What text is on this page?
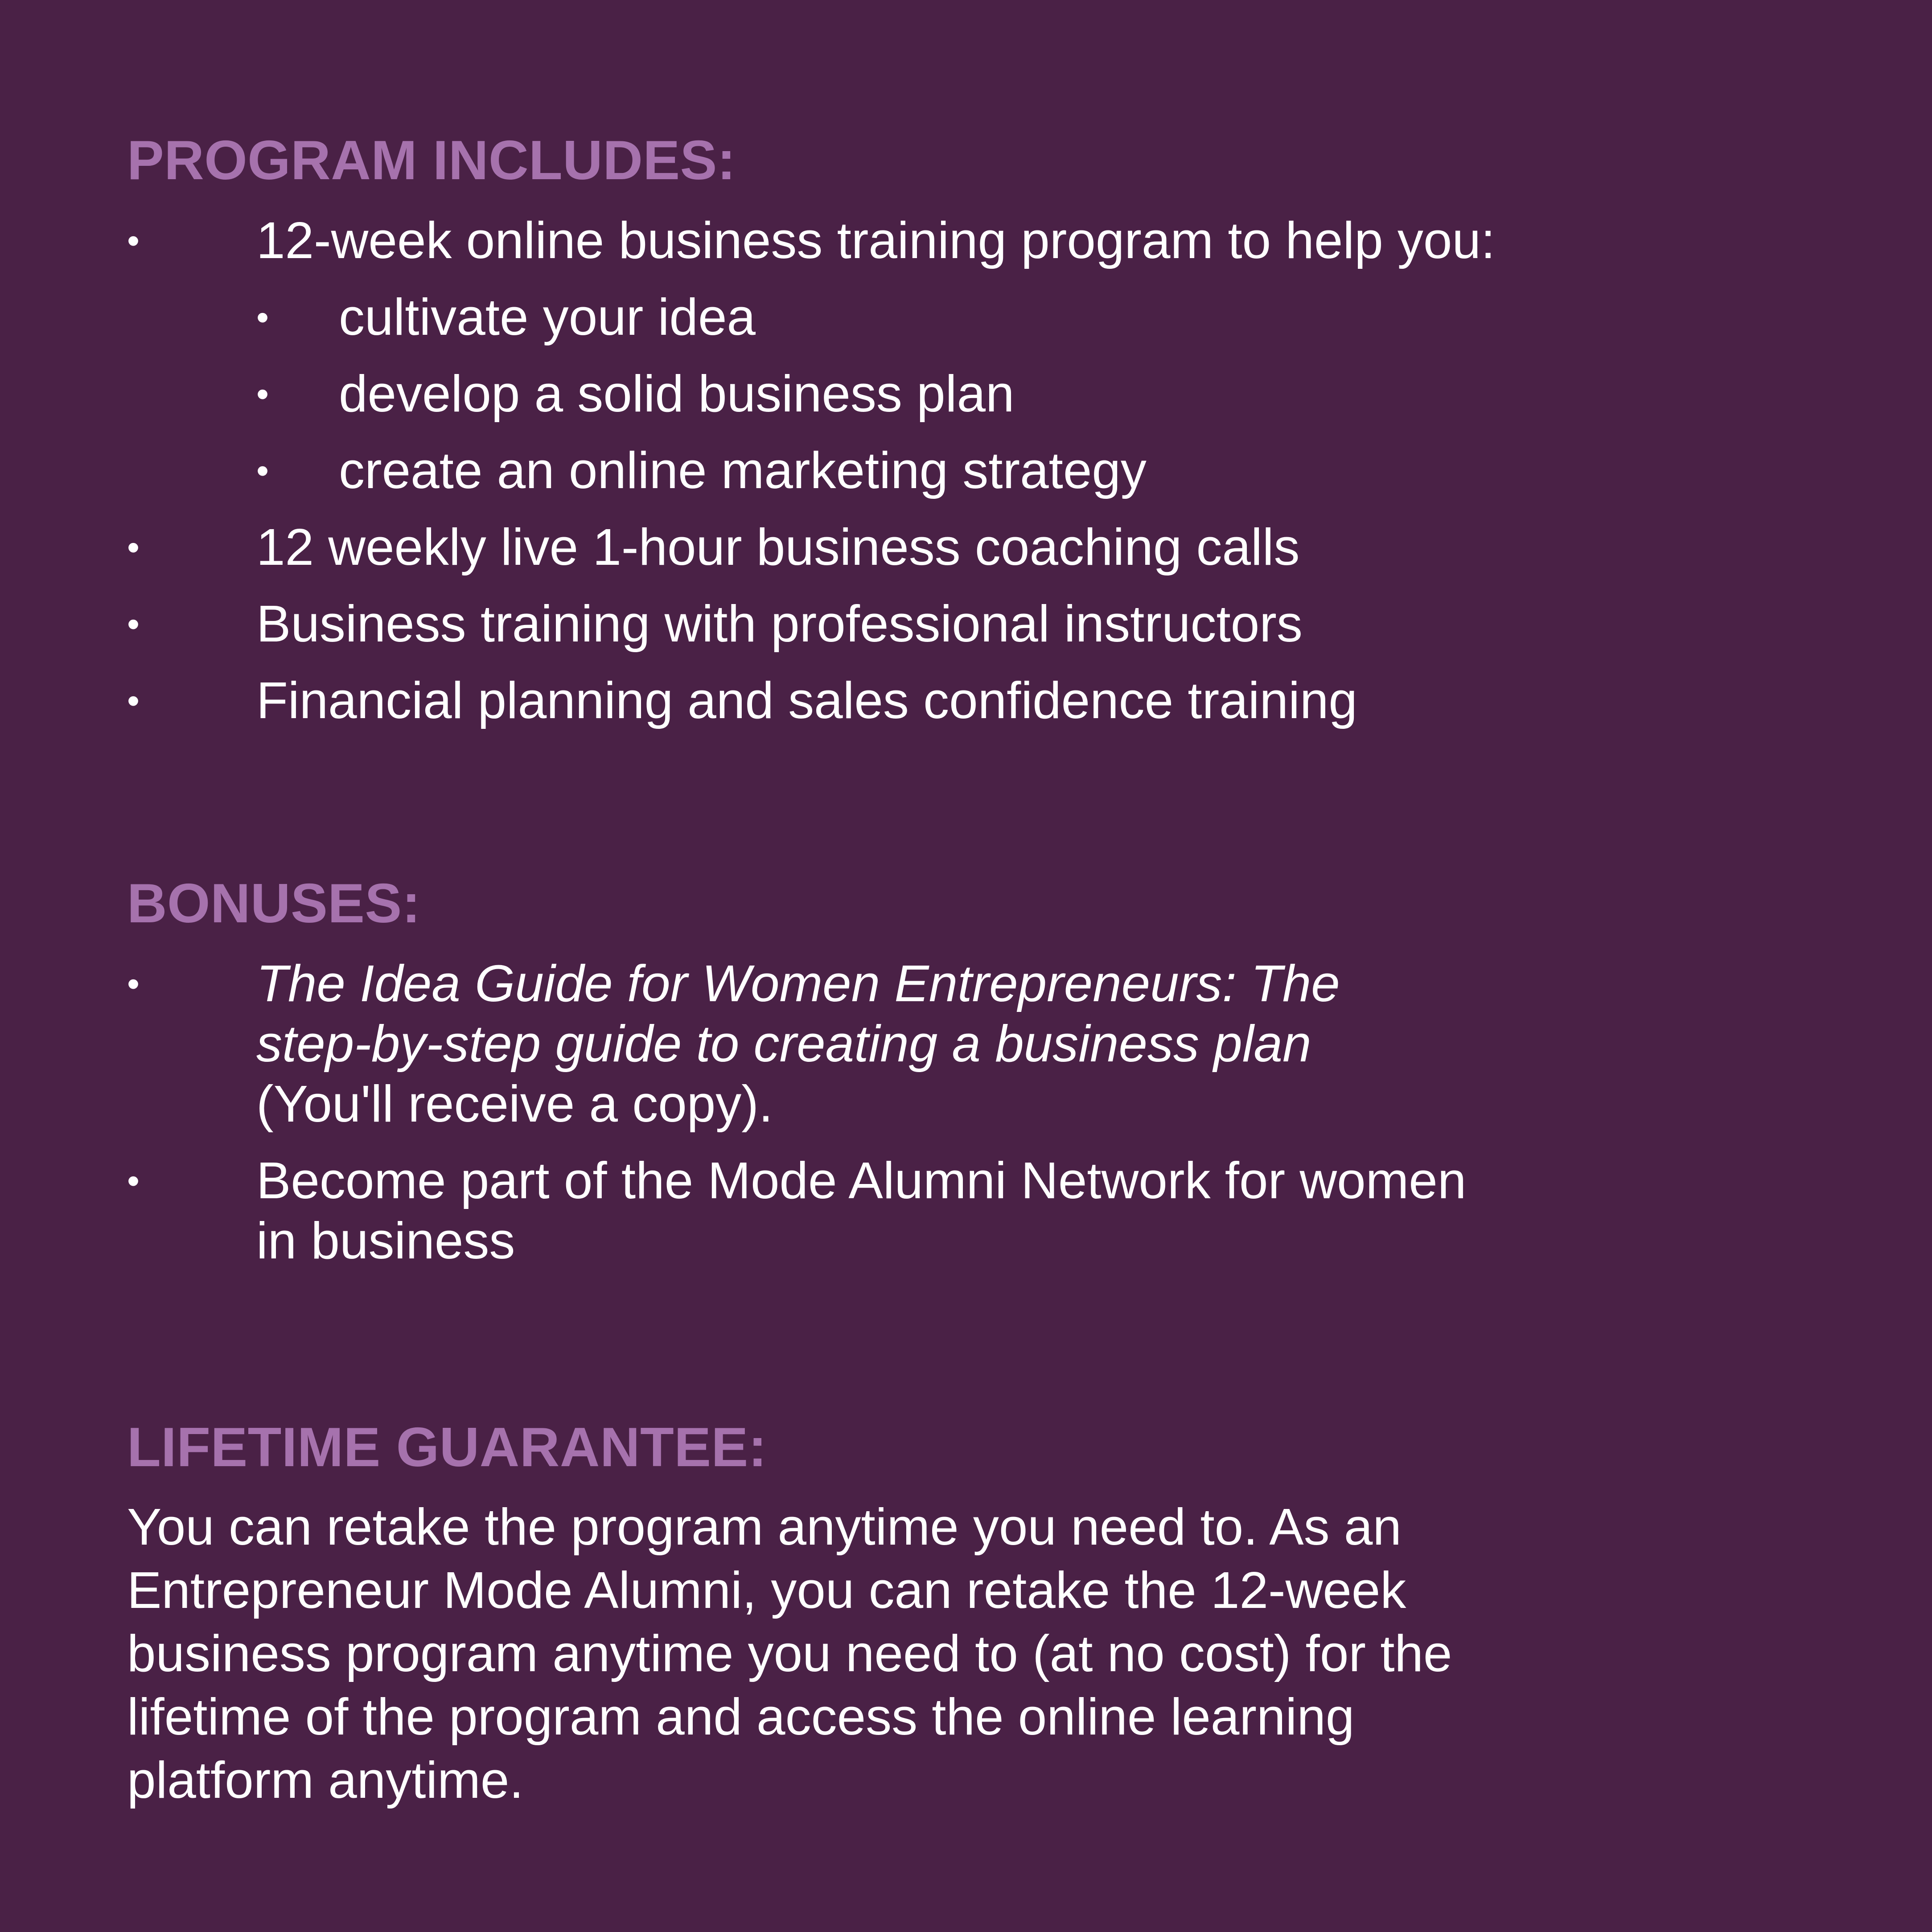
PROGRAM INCLUDES:
• 12-week online business training program to help you:
• cultivate your idea
• develop a solid business plan
• create an online marketing strategy
• 12 weekly live 1-hour business coaching calls
• Business training with professional instructors
• Financial planning and sales confidence training
BONUSES:
• The Idea Guide for Women Entrepreneurs: The
step-by-step guide to creating a business plan
(You'll receive a copy).
• Become part of the Mode Alumni Network for women
in business
LIFETIME GUARANTEE:

You can retake the program anytime you need to. As an

Entrepreneur Mode Alumni, you can retake the 12-week

business program anytime you need to (at no cost) for the

lifetime of the program and access the online learning

platform anytime.
